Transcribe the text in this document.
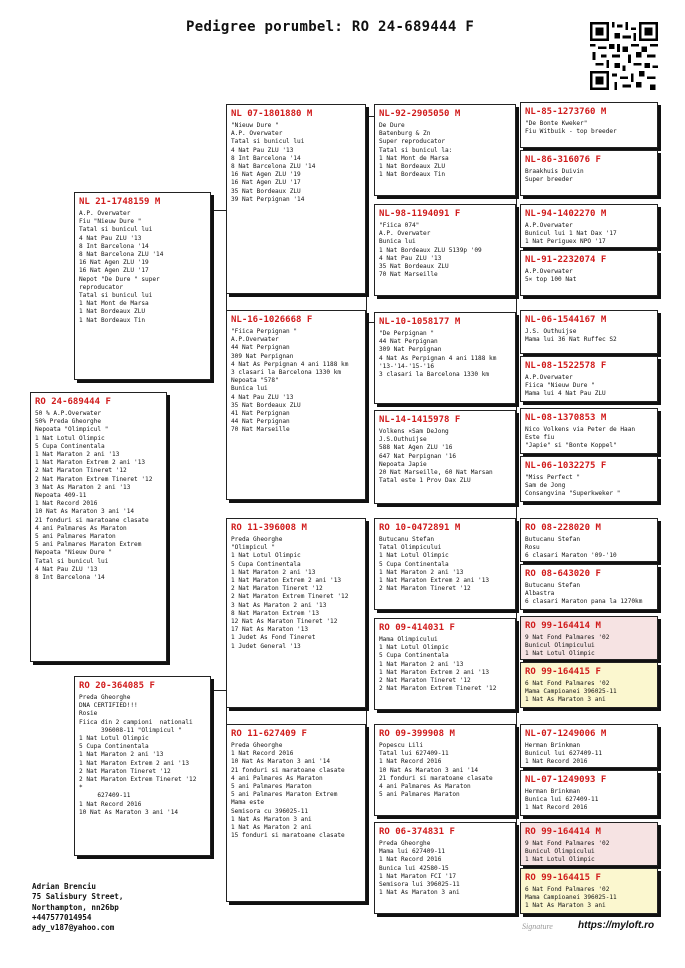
Pedigree porumbel: RO 24-689444 F
RO 24-689444 F
50 % A.P.Overwater
50% Preda Gheorghe
Nepoata "Olimpicul "
1 Nat Lotul Olimpic
5 Cupa Continentala
1 Nat Maraton 2 ani '13
1 Nat Maraton Extrem 2 ani '13
2 Nat Maraton Tineret '12
2 Nat Maraton Extrem Tineret '12
3 Nat As Maraton 2 ani '13
Nepoata 409-11
1 Nat Record 2016
10 Nat As Maraton 3 ani '14
21 fonduri si maratoane clasate
4 ani Palmares As Maraton
5 ani Palmares Maraton
5 ani Palmares Maraton Extrem
Nepoata "Nieuw Dure "
Tatal si bunicul lui
4 Nat Pau ZLU '13
8 Int Barcelona '14
NL 21-1748159 M
A.P. Overwater
Fiu "Nieuw Dure "
Tatal si bunicul lui
4 Nat Pau ZLU '13
8 Int Barcelona '14
8 Nat Barcelona ZLU '14
16 Nat Agen ZLU '19
16 Nat Agen ZLU '17
Nepot "De Dure " super
reproducator
Tatal si bunicul lui
1 Nat Mont de Marsa
1 Nat Bordeaux ZLU
1 Nat Bordeaux Tin
RO 20-364085 F
Preda Gheorghe
DNA CERTIFIED!!!
Rosie
Fiica din 2 campioni  nationali
396008-11 "Olimpicul "
1 Nat Lotul Olimpic
5 Cupa Continentala
1 Nat Maraton 2 ani '13
1 Nat Maraton Extrem 2 ani '13
2 Nat Maraton Tineret '12
2 Nat Maraton Extrem Tineret '12
*
627409-11
1 Nat Record 2016
10 Nat As Maraton 3 ani '14
NL 07-1801880 M
"Nieuw Dure "
A.P. Overwater
Tatal si bunicul lui
4 Nat Pau ZLU '13
8 Int Barcelona '14
8 Nat Barcelona ZLU '14
16 Nat Agen ZLU '19
16 Nat Agen ZLU '17
35 Nat Bordeaux ZLU
39 Nat Perpignan '14
NL-16-1026668 F
"Fiica Perpignan "
A.P.Overwater
44 Nat Perpignan
309 Nat Perpignan
4 Nat As Perpignan 4 ani 1188 km
3 clasari la Barcelona 1330 km
Nepoata "578"
Bunica lui
4 Nat Pau ZLU '13
35 Nat Bordeaux ZLU
41 Nat Perpignan
44 Nat Perpignan
70 Nat Marseille
RO 11-396008 M
Preda Gheorghe
"Olimpicul "
1 Nat Lotul Olimpic
5 Cupa Continentala
1 Nat Maraton 2 ani '13
1 Nat Maraton Extrem 2 ani '13
2 Nat Maraton Tineret '12
2 Nat Maraton Extrem Tineret '12
3 Nat As Maraton 2 ani '13
8 Nat Maraton Extrem '13
12 Nat As Maraton Tineret '12
17 Nat As Maraton '13
1 Judet As Fond Tineret
1 Judet General '13
RO 11-627409 F
Preda Gheorghe
1 Nat Record 2016
10 Nat As Maraton 3 ani '14
21 fonduri si maratoane clasate
4 ani Palmares As Maraton
5 ani Palmares Maraton
5 ani Palmares Maraton Extrem
Mama este
Semisora cu 396025-11
1 Nat As Maraton 3 ani
1 Nat As Maraton 2 ani
15 fonduri si maratoane clasate
NL-92-2905050 M
De Dure
Batenburg & Zn
Super reproducator
Tatal si bunicul la:
1 Nat Mont de Marsa
1 Nat Bordeaux ZLU
1 Nat Bordeaux Tin
NL-98-1194091 F
"Fiica 074"
A.P. Overwater
Bunica lui
1 Nat Bordeaux ZLU 5139p '09
4 Nat Pau ZLU '13
35 Nat Bordeaux ZLU
70 Nat Marseille
NL-10-1058177 M
"De Perpignan "
44 Nat Perpignan
309 Nat Perpignan
4 Nat As Perpignan 4 ani 1188 km
'13-'14-'15-'16
3 clasari la Barcelona 1330 km
NL-14-1415978 F
Volkens ×Sam DeJong
J.S.Outhuijse
588 Nat Agen ZLU '16
647 Nat Perpignan '16
Nepoata Japie
20 Nat Marseille, 60 Nat Marsan
Tatal este 1 Prov Dax ZLU
RO 10-0472891 M
Butucanu Stefan
Tatal Olimpicului
1 Nat Lotul Olimpic
5 Cupa Continentala
1 Nat Maraton 2 ani '13
1 Nat Maraton Extrem 2 ani '13
2 Nat Maraton Tineret '12
RO 09-414031 F
Mama Olimpicului
1 Nat Lotul Olimpic
5 Cupa Continentala
1 Nat Maraton 2 ani '13
1 Nat Maraton Extrem 2 ani '13
2 Nat Maraton Tineret '12
2 Nat Maraton Extrem Tineret '12
RO 09-399908 M
Popescu Lili
Tatal lui 627409-11
1 Nat Record 2016
10 Nat As Maraton 3 ani '14
21 fonduri si maratoane clasate
4 ani Palmares As Maraton
5 ani Palmares Maraton
RO 06-374831 F
Preda Gheorghe
Mama lui 627409-11
1 Nat Record 2016
Bunica lui 42580-15
1 Nat Maraton FCI '17
Semisora lui 396025-11
1 Nat As Maraton 3 ani
NL-85-1273760 M
"De Bonte Kweker"
Fiu Witbuik - top breeder
NL-86-316076 F
Braakhuis Duivin
Super breeder
NL-94-1402270 M
A.P.Overwater
Bunicul lui 1 Nat Dax '17
1 Nat Periguex NPO '17
NL-91-2232074 F
A.P.Overwater
5× top 100 Nat
NL-06-1544167 M
J.S. Outhuijse
Mama lui 36 Nat Ruffec S2
NL-08-1522578 F
A.P.Overwater
Fiica "Nieuw Dure "
Mama lui 4 Nat Pau ZLU
NL-08-1370853 M
Nico Volkens via Peter de Haan
Este fiu
"Japie" si "Bonte Koppel"
NL-06-1032275 F
"Miss Perfect "
Sam de Jong
Consangvina "Superkweker "
RO 08-228020 M
Butucanu Stefan
Rosu
6 clasari Maraton '09-'10
RO 08-643020 F
Butucanu Stefan
Albastra
6 clasari Maraton pana la 1270km
RO 99-164414 M
9 Nat Fond Palmares '02
Bunicul Olimpicului
1 Nat Lotul Olimpic
RO 99-164415 F
6 Nat Fond Palmares '02
Mama Campioanei 396025-11
1 Nat As Maraton 3 ani
NL-07-1249006 M
Herman Brinkman
Bunicul lui 627409-11
1 Nat Record 2016
NL-07-1249093 F
Herman Brinkman
Bunica lui 627409-11
1 Nat Record 2016
RO 99-164414 M
9 Nat Fond Palmares '02
Bunicul Olimpicului
1 Nat Lotul Olimpic
RO 99-164415 F
6 Nat Fond Palmares '02
Mama Campioanei 396025-11
1 Nat As Maraton 3 ani
Adrian Brenciu
75 Salisbury Street,
Northampton, nn26bp
+447577014954
ady_v187@yahoo.com	Signature	https://myloft.ro
